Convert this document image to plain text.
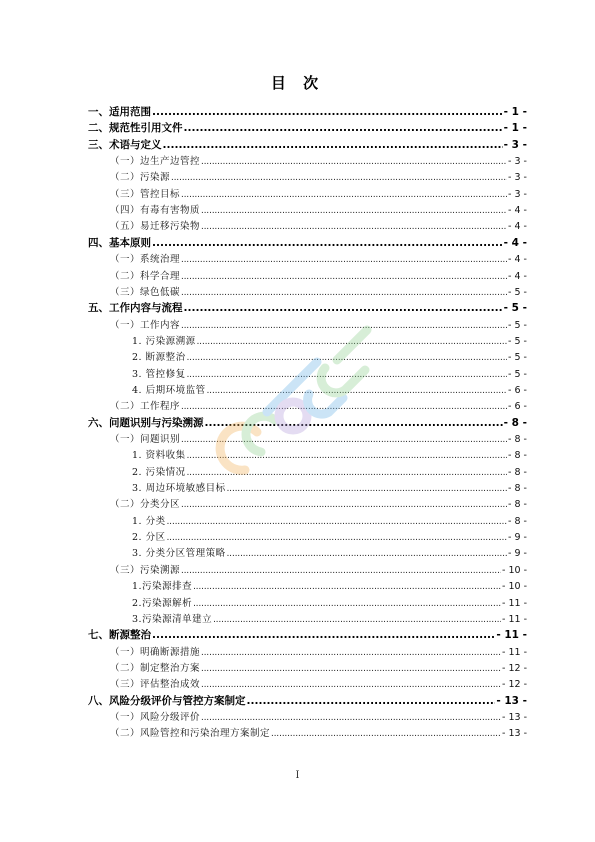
目 次
一、适用范围 .....	- 1 -
二、规范性引用文件 .....	- 1 -
三、术语与定义 .....	- 3 -
（一）边生产边管控 .....	- 3 -
（二）污染源 .....	- 3 -
（三）管控目标 .....	- 3 -
（四）有毒有害物质 .....	- 4 -
（五）易迁移污染物 .....	- 4 -
四、基本原则 .....	- 4 -
（一）系统治理 .....	- 4 -
（二）科学合理 .....	- 4 -
（三）绿色低碳 .....	- 5 -
五、工作内容与流程 .....	- 5 -
（一）工作内容 .....	- 5 -
1. 污染源溯源 .....	- 5 -
2. 断源整治 .....	- 5 -
3. 管控修复 .....	- 5 -
4. 后期环境监管 .....	- 6 -
（二）工作程序 .....	- 6 -
六、问题识别与污染溯源 .....	- 8 -
（一）问题识别 .....	- 8 -
1. 资料收集 .....	- 8 -
2. 污染情况 .....	- 8 -
3. 周边环境敏感目标 .....	- 8 -
（二）分类分区 .....	- 8 -
1. 分类 .....	- 8 -
2. 分区 .....	- 9 -
3. 分类分区管理策略 .....	- 9 -
（三）污染溯源 .....	- 10 -
1.污染源排查 .....	- 10 -
2.污染源解析 .....	- 11 -
3.污染源清单建立 .....	- 11 -
七、断源整治 .....	- 11 -
（一）明确断源措施 .....	- 11 -
（二）制定整治方案 .....	- 12 -
（三）评估整治成效 .....	- 12 -
八、风险分级评价与管控方案制定 .....	- 13 -
（一）风险分级评价 .....	- 13 -
（二）风险管控和污染治理方案制定 .....	- 13 -
I
